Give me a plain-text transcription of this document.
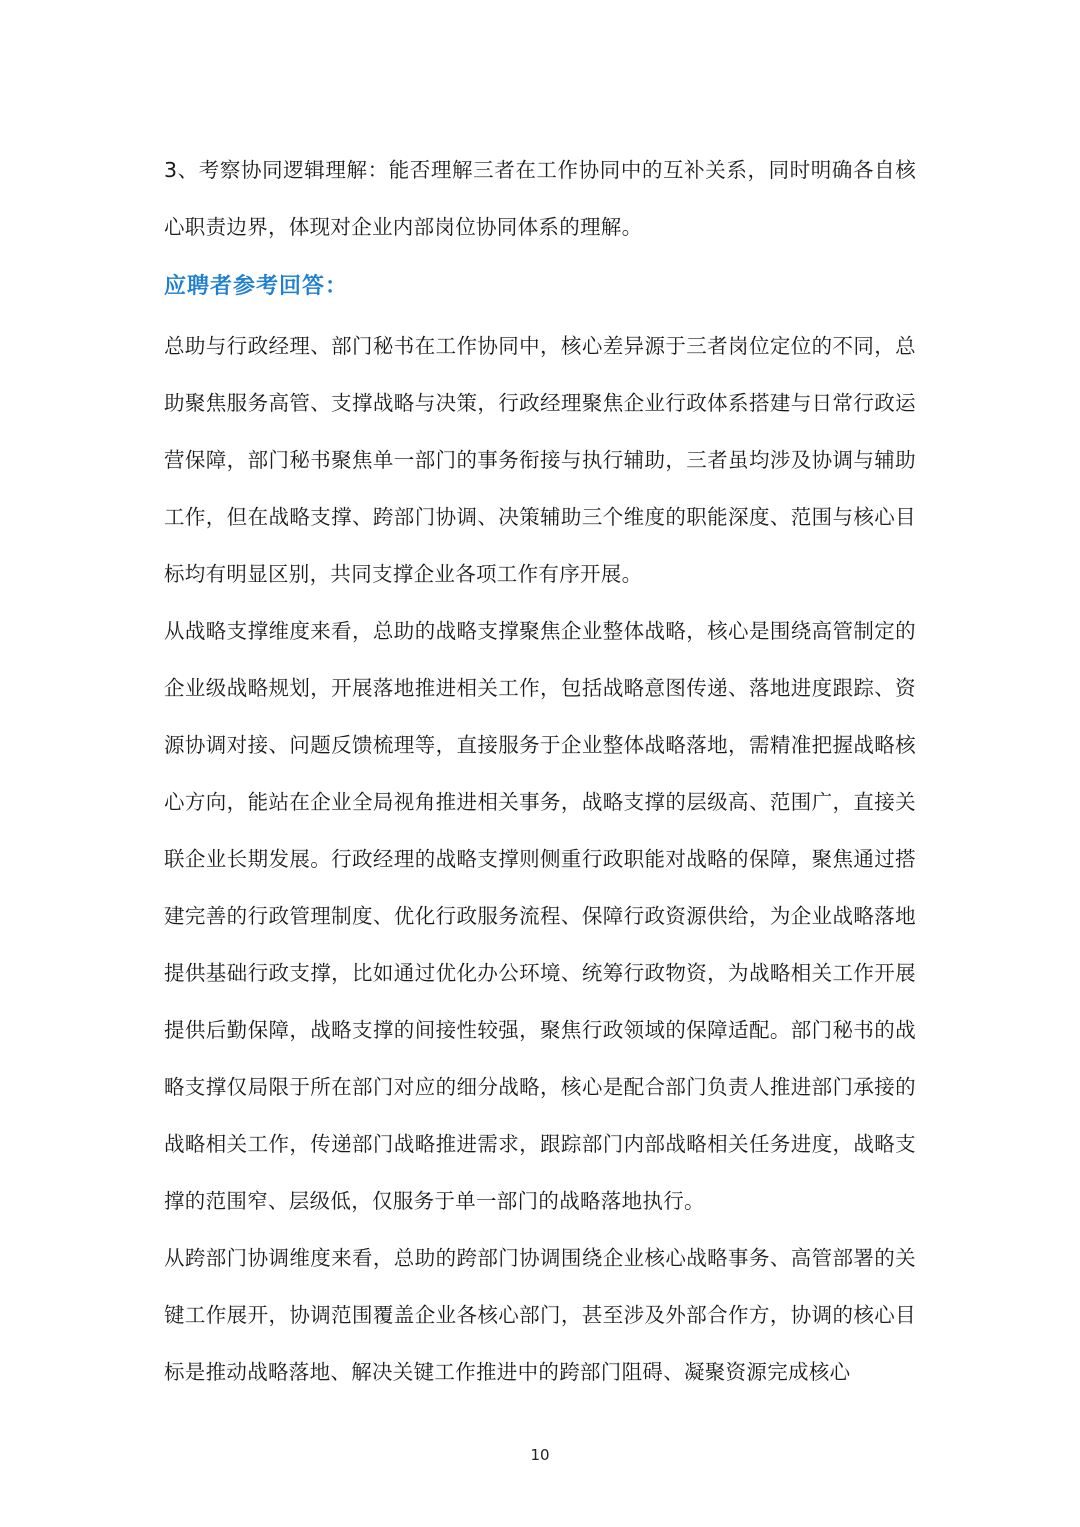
3、考察协同逻辑理解：能否理解三者在工作协同中的互补关系，同时明确各自核心职责边界，体现对企业内部岗位协同体系的理解。

应聘者参考回答：

总助与行政经理、部门秘书在工作协同中，核心差异源于三者岗位定位的不同，总助聚焦服务高管、支撑战略与决策，行政经理聚焦企业行政体系搭建与日常行政运营保障，部门秘书聚焦单一部门的事务衔接与执行辅助，三者虽均涉及协调与辅助工作，但在战略支撑、跨部门协调、决策辅助三个维度的职能深度、范围与核心目标均有明显区别，共同支撑企业各项工作有序开展。

从战略支撑维度来看，总助的战略支撑聚焦企业整体战略，核心是围绕高管制定的企业级战略规划，开展落地推进相关工作，包括战略意图传递、落地进度跟踪、资源协调对接、问题反馈梳理等，直接服务于企业整体战略落地，需精准把握战略核心方向，能站在企业全局视角推进相关事务，战略支撑的层级高、范围广，直接关联企业长期发展。行政经理的战略支撑则侧重行政职能对战略的保障，聚焦通过搭建完善的行政管理制度、优化行政服务流程、保障行政资源供给，为企业战略落地提供基础行政支撑，比如通过优化办公环境、统筹行政物资，为战略相关工作开展提供后勤保障，战略支撑的间接性较强，聚焦行政领域的保障适配。部门秘书的战略支撑仅局限于所在部门对应的细分战略，核心是配合部门负责人推进部门承接的战略相关工作，传递部门战略推进需求，跟踪部门内部战略相关任务进度，战略支撑的范围窄、层级低，仅服务于单一部门的战略落地执行。

从跨部门协调维度来看，总助的跨部门协调围绕企业核心战略事务、高管部署的关键工作展开，协调范围覆盖企业各核心部门，甚至涉及外部合作方，协调的核心目标是推动战略落地、解决关键工作推进中的跨部门阻碍、凝聚资源完成核心

10
